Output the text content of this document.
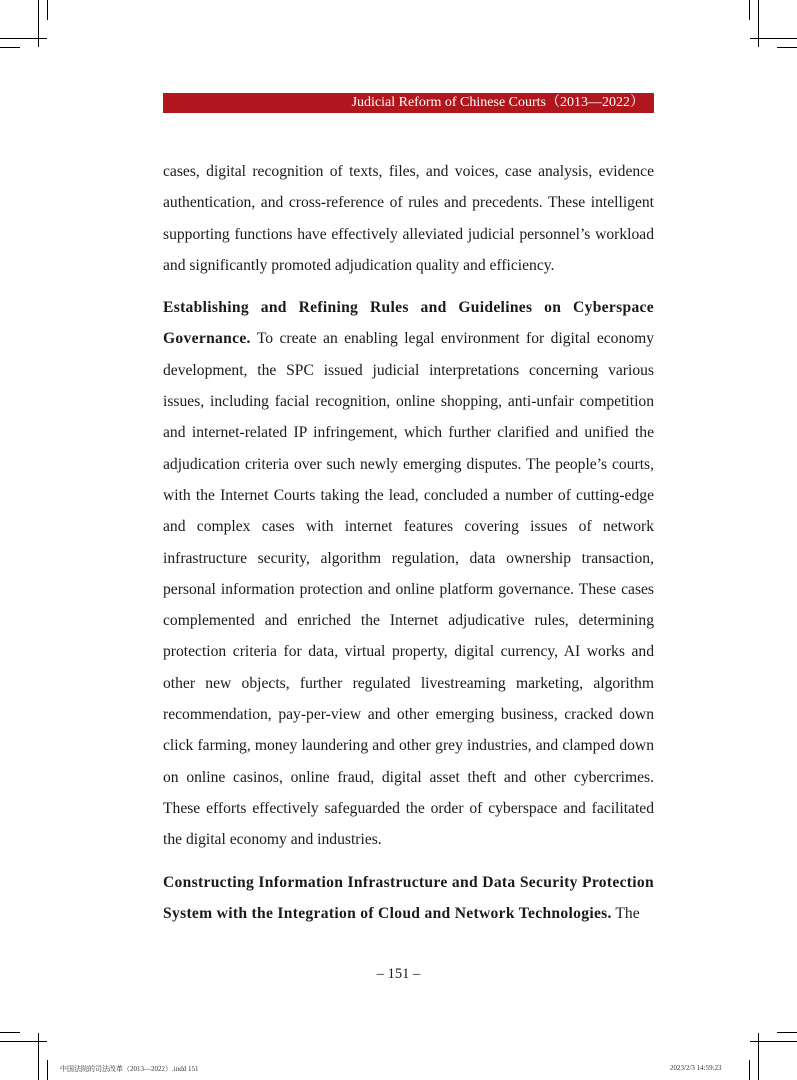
Judicial Reform of Chinese Courts（2013—2022）

cases, digital recognition of texts, files, and voices, case analysis, evidence authentication, and cross-reference of rules and precedents. These intelligent supporting functions have effectively alleviated judicial personnel’s workload and significantly promoted adjudication quality and efficiency.

Establishing and Refining Rules and Guidelines on Cyberspace Governance. To create an enabling legal environment for digital economy development, the SPC issued judicial interpretations concerning various issues, including facial recognition, online shopping, anti-unfair competition and internet-related IP infringement, which further clarified and unified the adjudication criteria over such newly emerging disputes. The people’s courts, with the Internet Courts taking the lead, concluded a number of cutting-edge and complex cases with internet features covering issues of network infrastructure security, algorithm regulation, data ownership transaction, personal information protection and online platform governance. These cases complemented and enriched the Internet adjudicative rules, determining protection criteria for data, virtual property, digital currency, AI works and other new objects, further regulated livestreaming marketing, algorithm recommendation, pay-per-view and other emerging business, cracked down click farming, money laundering and other grey industries, and clamped down on online casinos, online fraud, digital asset theft and other cybercrimes. These efforts effectively safeguarded the order of cyberspace and facilitated the digital economy and industries.

Constructing Information Infrastructure and Data Security Protection System with the Integration of Cloud and Network Technologies. The

– 151 –
中国法院的司法改革（2013—2022）.indd 151	2023/2/3 14:59:23
